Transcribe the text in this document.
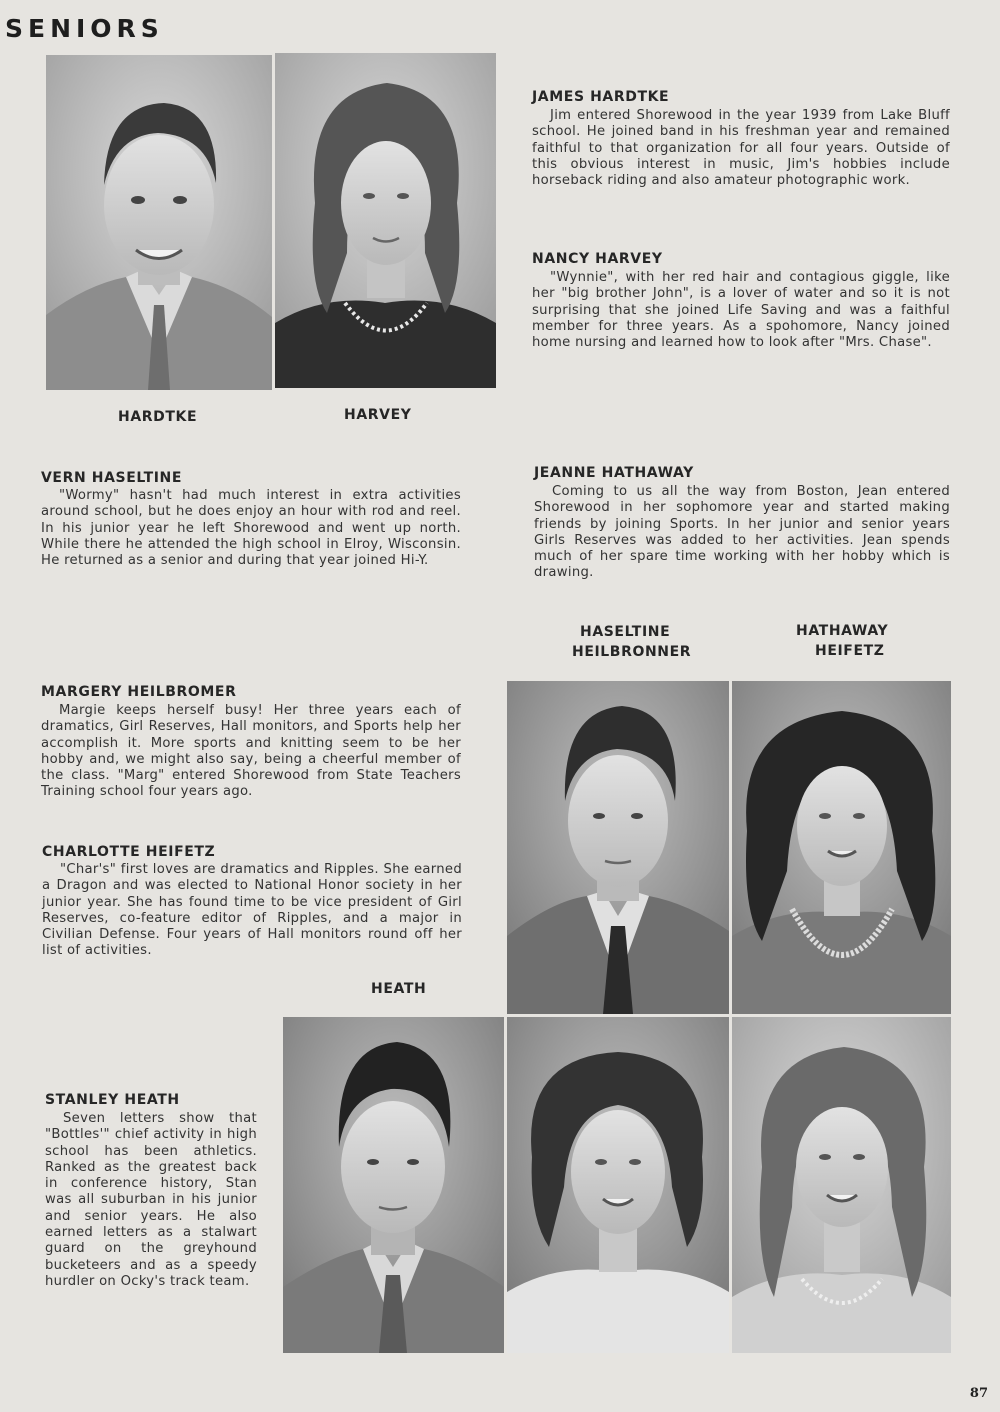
SENIORS
HARDTKE	HARVEY
JAMES HARDTKE
Jim entered Shorewood in the year 1939 from Lake Bluff school. He joined band in his freshman year and remained faithful to that organization for all four years. Outside of this obvious interest in music, Jim's hobbies include horseback riding and also amateur photographic work.
NANCY HARVEY
"Wynnie", with her red hair and contagious giggle, like her "big brother John", is a lover of water and so it is not surprising that she joined Life Saving and was a faithful member for three years. As a spohomore, Nancy joined home nursing and learned how to look after "Mrs. Chase".
VERN HASELTINE
"Wormy" hasn't had much interest in extra activities around school, but he does enjoy an hour with rod and reel. In his junior year he left Shorewood and went up north. While there he attended the high school in Elroy, Wisconsin. He returned as a senior and during that year joined Hi-Y.
JEANNE HATHAWAY
Coming to us all the way from Boston, Jean entered Shorewood in her sophomore year and started making friends by joining Sports. In her junior and senior years Girls Reserves was added to her activities. Jean spends much of her spare time working with her hobby which is drawing.
HASELTINE
HEILBRONNER
HATHAWAY
HEIFETZ
MARGERY HEILBROMER
Margie keeps herself busy! Her three years each of dramatics, Girl Reserves, Hall monitors, and Sports help her accomplish it. More sports and knitting seem to be her hobby and, we might also say, being a cheerful member of the class. "Marg" entered Shorewood from State Teachers Training school four years ago.
CHARLOTTE HEIFETZ
"Char's" first loves are dramatics and Ripples. She earned a Dragon and was elected to National Honor society in her junior year. She has found time to be vice president of Girl Reserves, co-feature editor of Ripples, and a major in Civilian Defense. Four years of Hall monitors round off her list of activities.
HEATH
STANLEY HEATH
Seven letters show that "Bottles'" chief activity in high school has been athletics. Ranked as the greatest back in conference history, Stan was all suburban in his junior and senior years. He also earned letters as a stalwart guard on the greyhound bucketeers and as a speedy hurdler on Ocky's track team.
87
